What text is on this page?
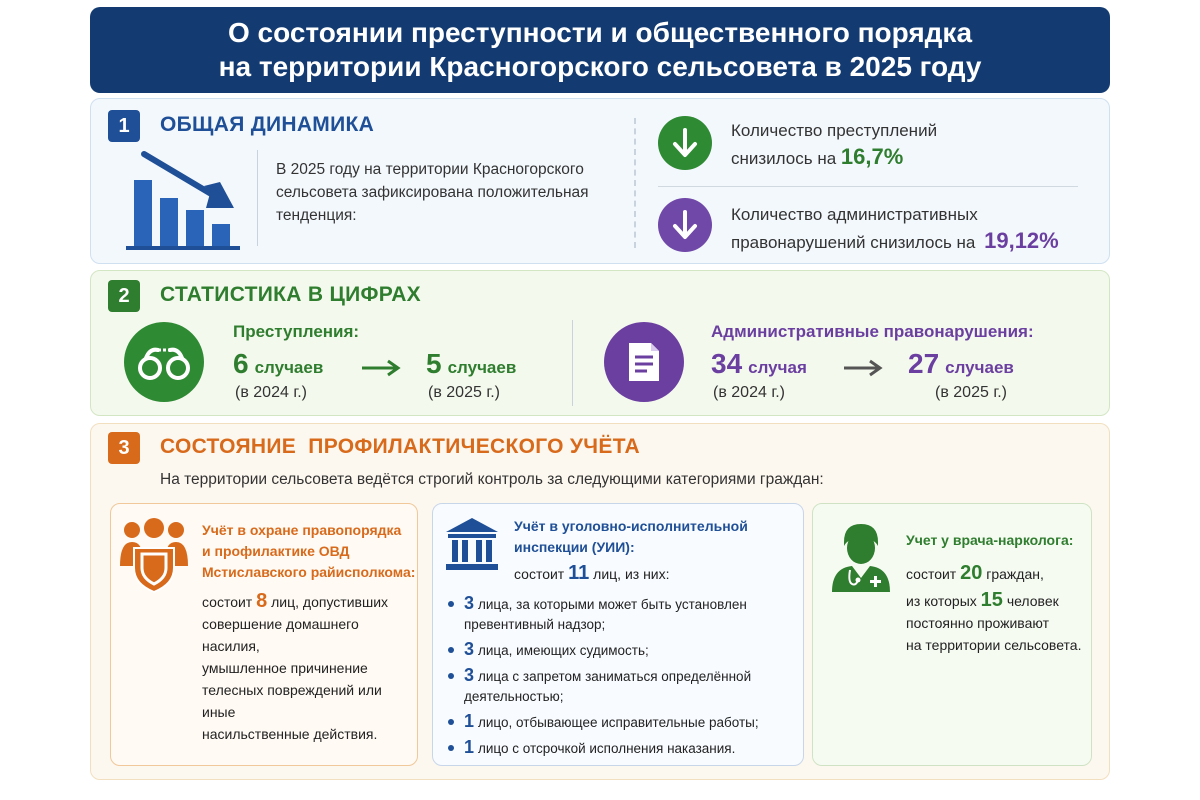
О состоянии преступности и общественного порядка
на территории Красногорского сельсовета в 2025 году
1	ОБЩАЯ ДИНАМИКА
В 2025 году на территории Красногорского сельсовета зафиксирована положительная тенденция:
Количество преступлений
снизилось на 16,7%
Количество административных
правонарушений снизилось на 19,12%
2	СТАТИСТИКА В ЦИФРАХ
Преступления:
6 случаев
(в 2024 г.)
5 случаев
(в 2025 г.)
Административные правонарушения:
34 случая
(в 2024 г.)
27 случаев
(в 2025 г.)
3	СОСТОЯНИЕ  ПРОФИЛАКТИЧЕСКОГО УЧЁТА
На территории сельсовета ведётся строгий контроль за следующими категориями граждан:
Учёт в охране правопорядка
и профилактике ОВД
Мстиславского райисполкома:
состоит 8 лиц, допустивших
совершение домашнего насилия,
умышленное причинение
телесных повреждений или иные
насильственные действия.
Учёт в уголовно-исполнительной
инспекции (УИИ):
состоит 11 лиц, из них:
3 лица, за которыми может быть установлен превентивный надзор;
3 лица, имеющих судимость;
3 лица с запретом заниматься определённой деятельностью;
1 лицо, отбывающее исправительные работы;
1 лицо с отсрочкой исполнения наказания.
Учет у врача-нарколога:
состоит 20 граждан,
из которых 15 человек
постоянно проживают
на территории сельсовета.
